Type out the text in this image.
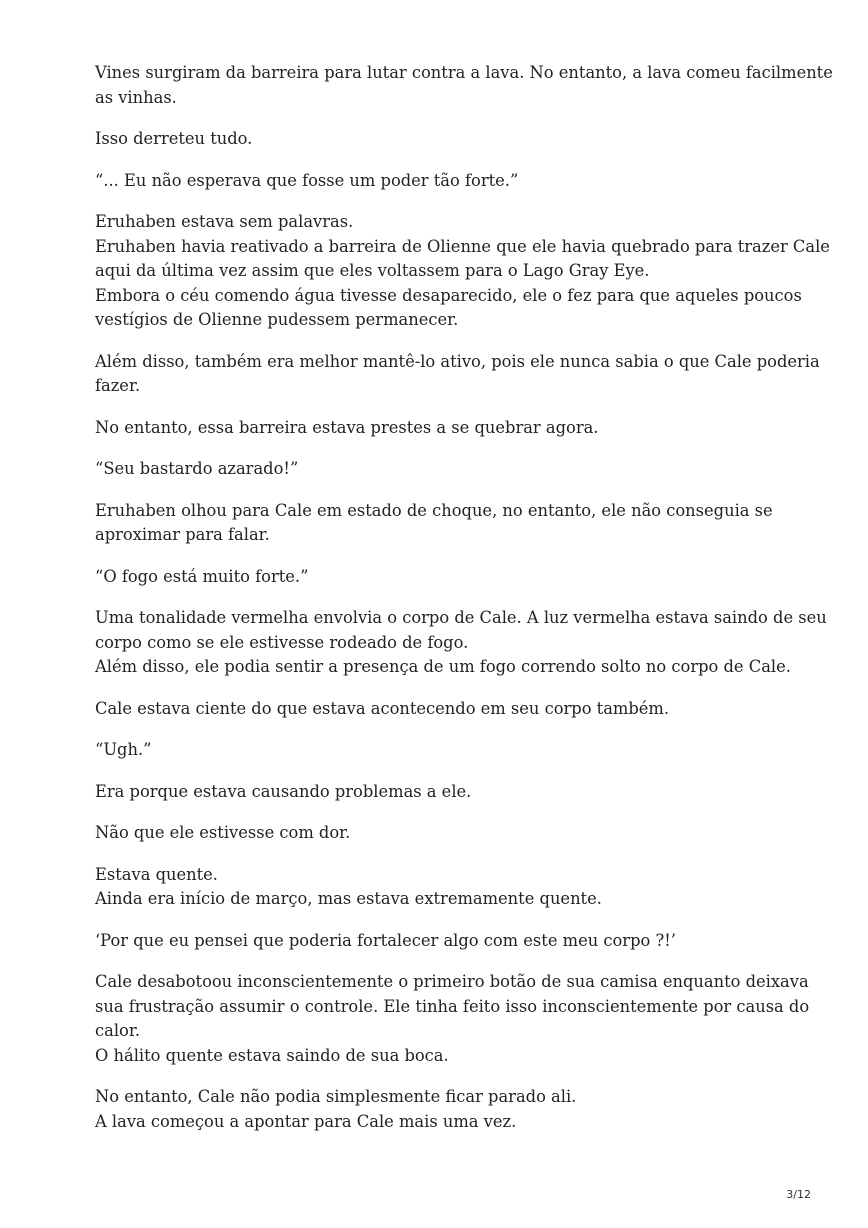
Vines surgiram da barreira para lutar contra a lava. No entanto, a lava comeu facilmente
as vinhas.

Isso derreteu tudo.

“... Eu não esperava que fosse um poder tão forte.”

Eruhaben estava sem palavras.
Eruhaben havia reativado a barreira de Olienne que ele havia quebrado para trazer Cale
aqui da última vez assim que eles voltassem para o Lago Gray Eye.
Embora o céu comendo água tivesse desaparecido, ele o fez para que aqueles poucos
vestígios de Olienne pudessem permanecer.

Além disso, também era melhor mantê-lo ativo, pois ele nunca sabia o que Cale poderia
fazer.

No entanto, essa barreira estava prestes a se quebrar agora.

“Seu bastardo azarado!”

Eruhaben olhou para Cale em estado de choque, no entanto, ele não conseguia se
aproximar para falar.

“O fogo está muito forte.”

Uma tonalidade vermelha envolvia o corpo de Cale. A luz vermelha estava saindo de seu
corpo como se ele estivesse rodeado de fogo.
Além disso, ele podia sentir a presença de um fogo correndo solto no corpo de Cale.

Cale estava ciente do que estava acontecendo em seu corpo também.

“Ugh.”

Era porque estava causando problemas a ele.

Não que ele estivesse com dor.

Estava quente.
Ainda era início de março, mas estava extremamente quente.

‘Por que eu pensei que poderia fortalecer algo com este meu corpo ?!’

Cale desabotoou inconscientemente o primeiro botão de sua camisa enquanto deixava
sua frustração assumir o controle. Ele tinha feito isso inconscientemente por causa do
calor.
O hálito quente estava saindo de sua boca.

No entanto, Cale não podia simplesmente ficar parado ali.
A lava começou a apontar para Cale mais uma vez.

3/12
